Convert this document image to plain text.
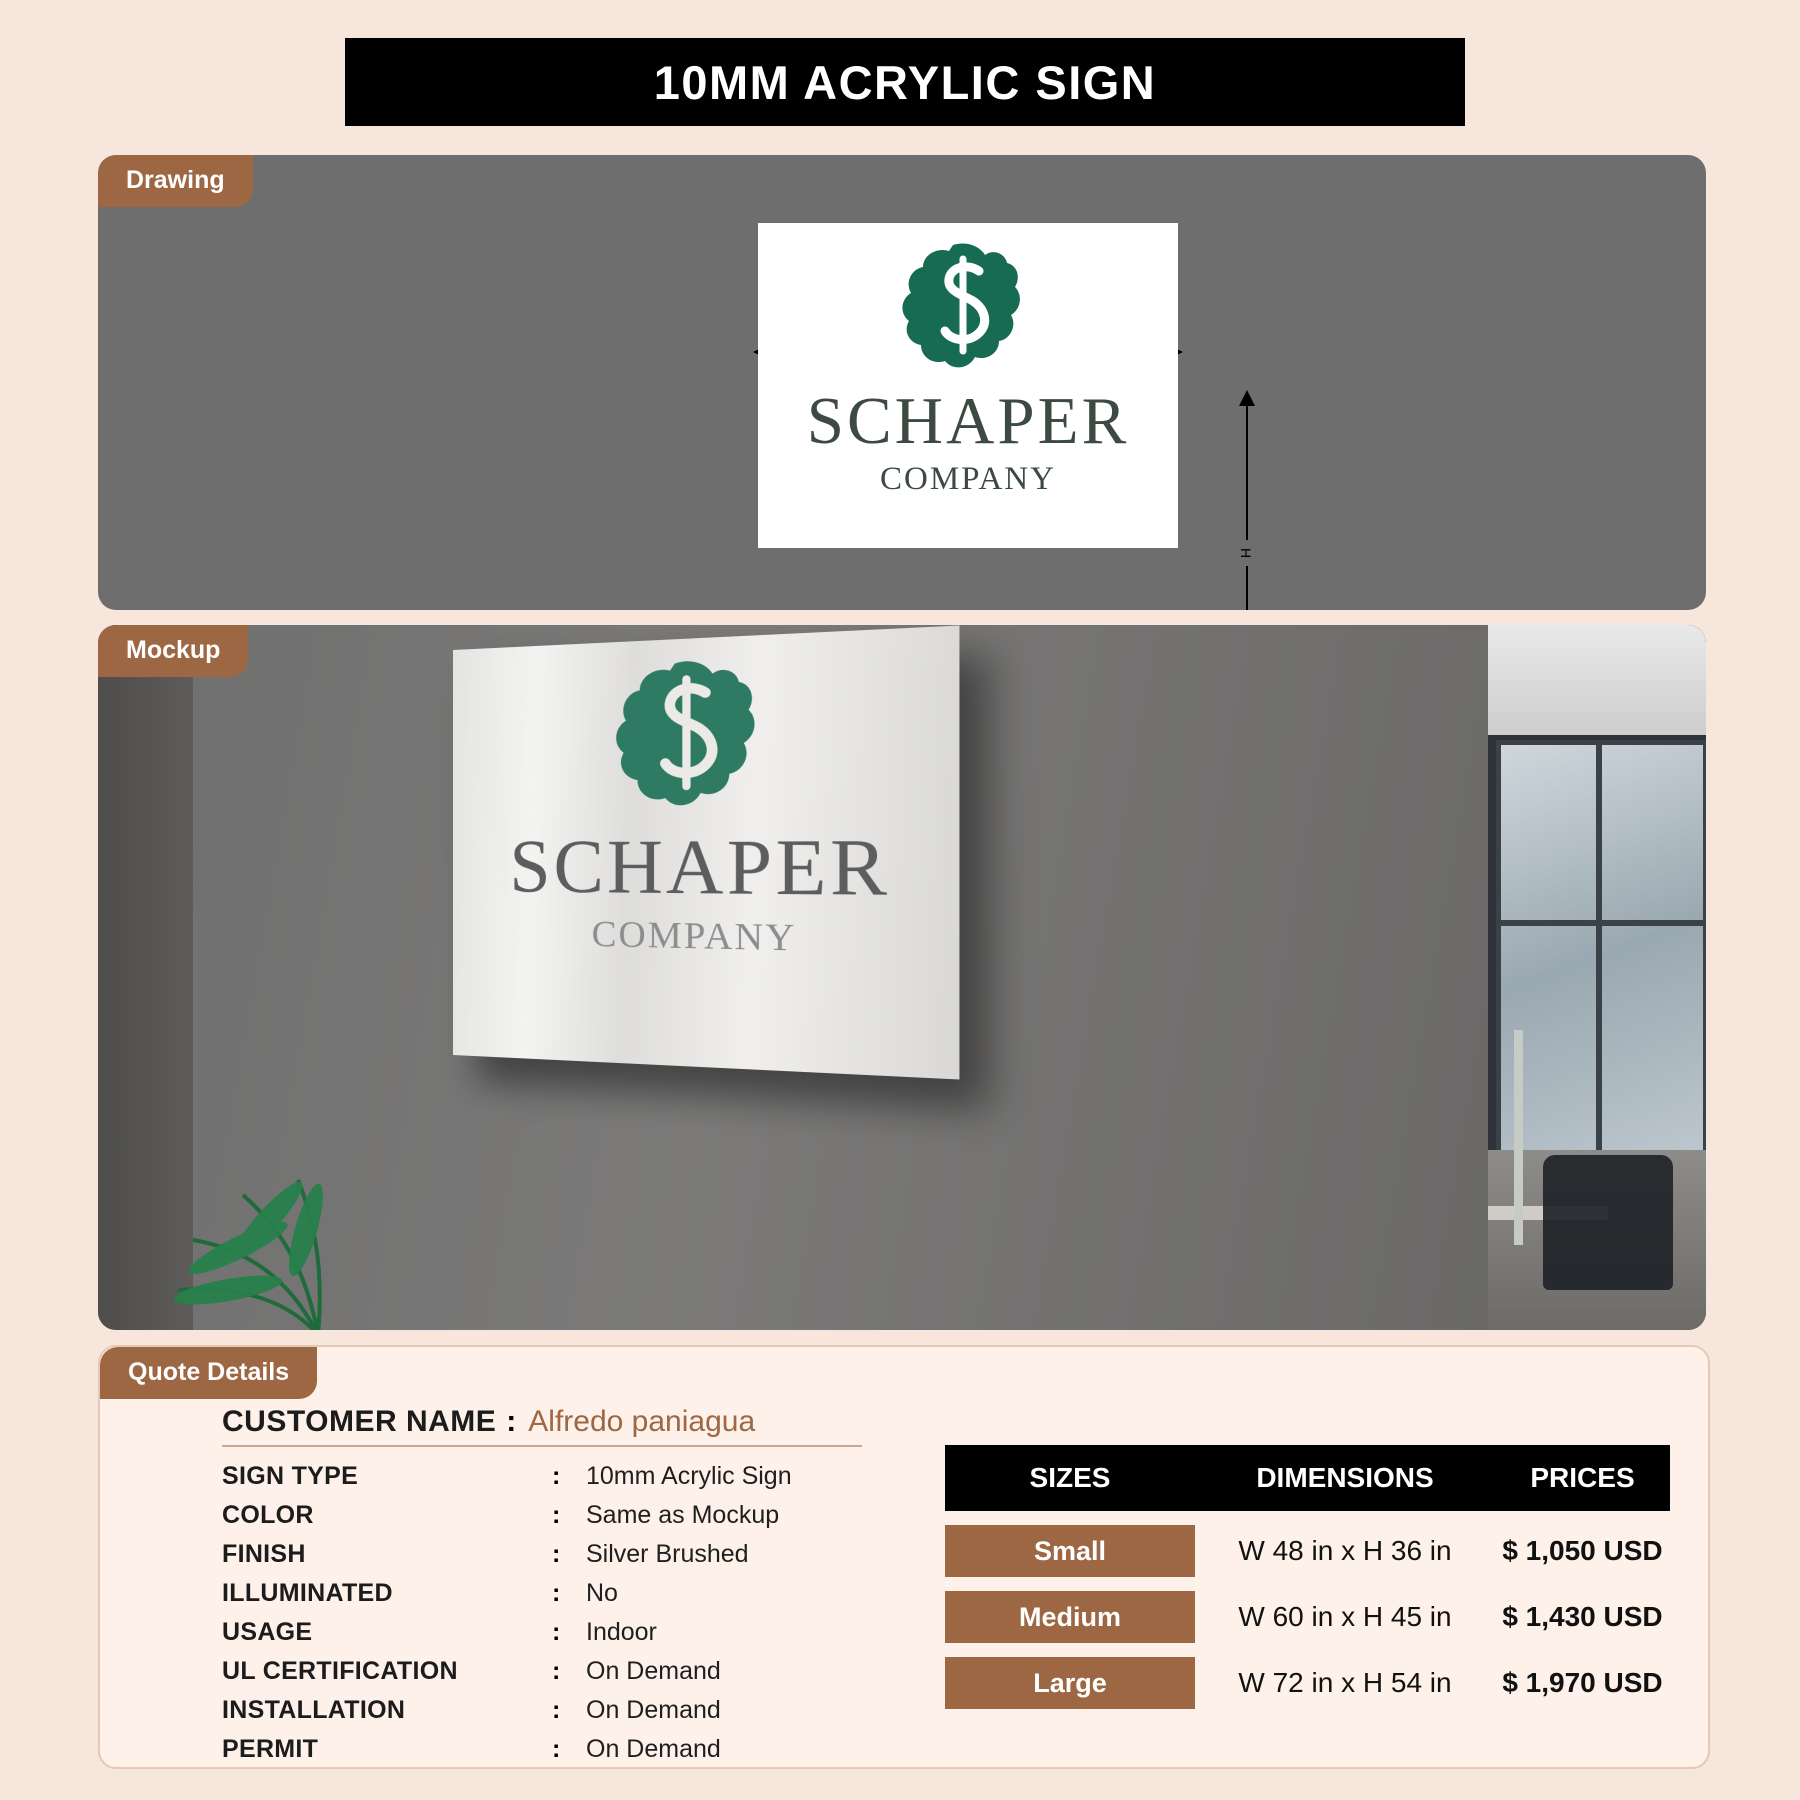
10MM ACRYLIC SIGN
Drawing
H
SCHAPER
COMPANY
Mockup
SCHAPER
COMPANY
Quote Details
CUSTOMER NAME : Alfredo paniagua
SIGN TYPE	:	10mm Acrylic Sign
COLOR	:	Same as Mockup
FINISH	:	Silver Brushed
ILLUMINATED	:	No
USAGE	:	Indoor
UL CERTIFICATION	:	On Demand
INSTALLATION	:	On Demand
PERMIT	:	On Demand
SIZES	DIMENSIONS	PRICES
Small	W 48 in x H 36 in	$ 1,050 USD
Medium	W 60 in x H 45 in	$ 1,430 USD
Large	W 72 in x H 54 in	$ 1,970 USD
